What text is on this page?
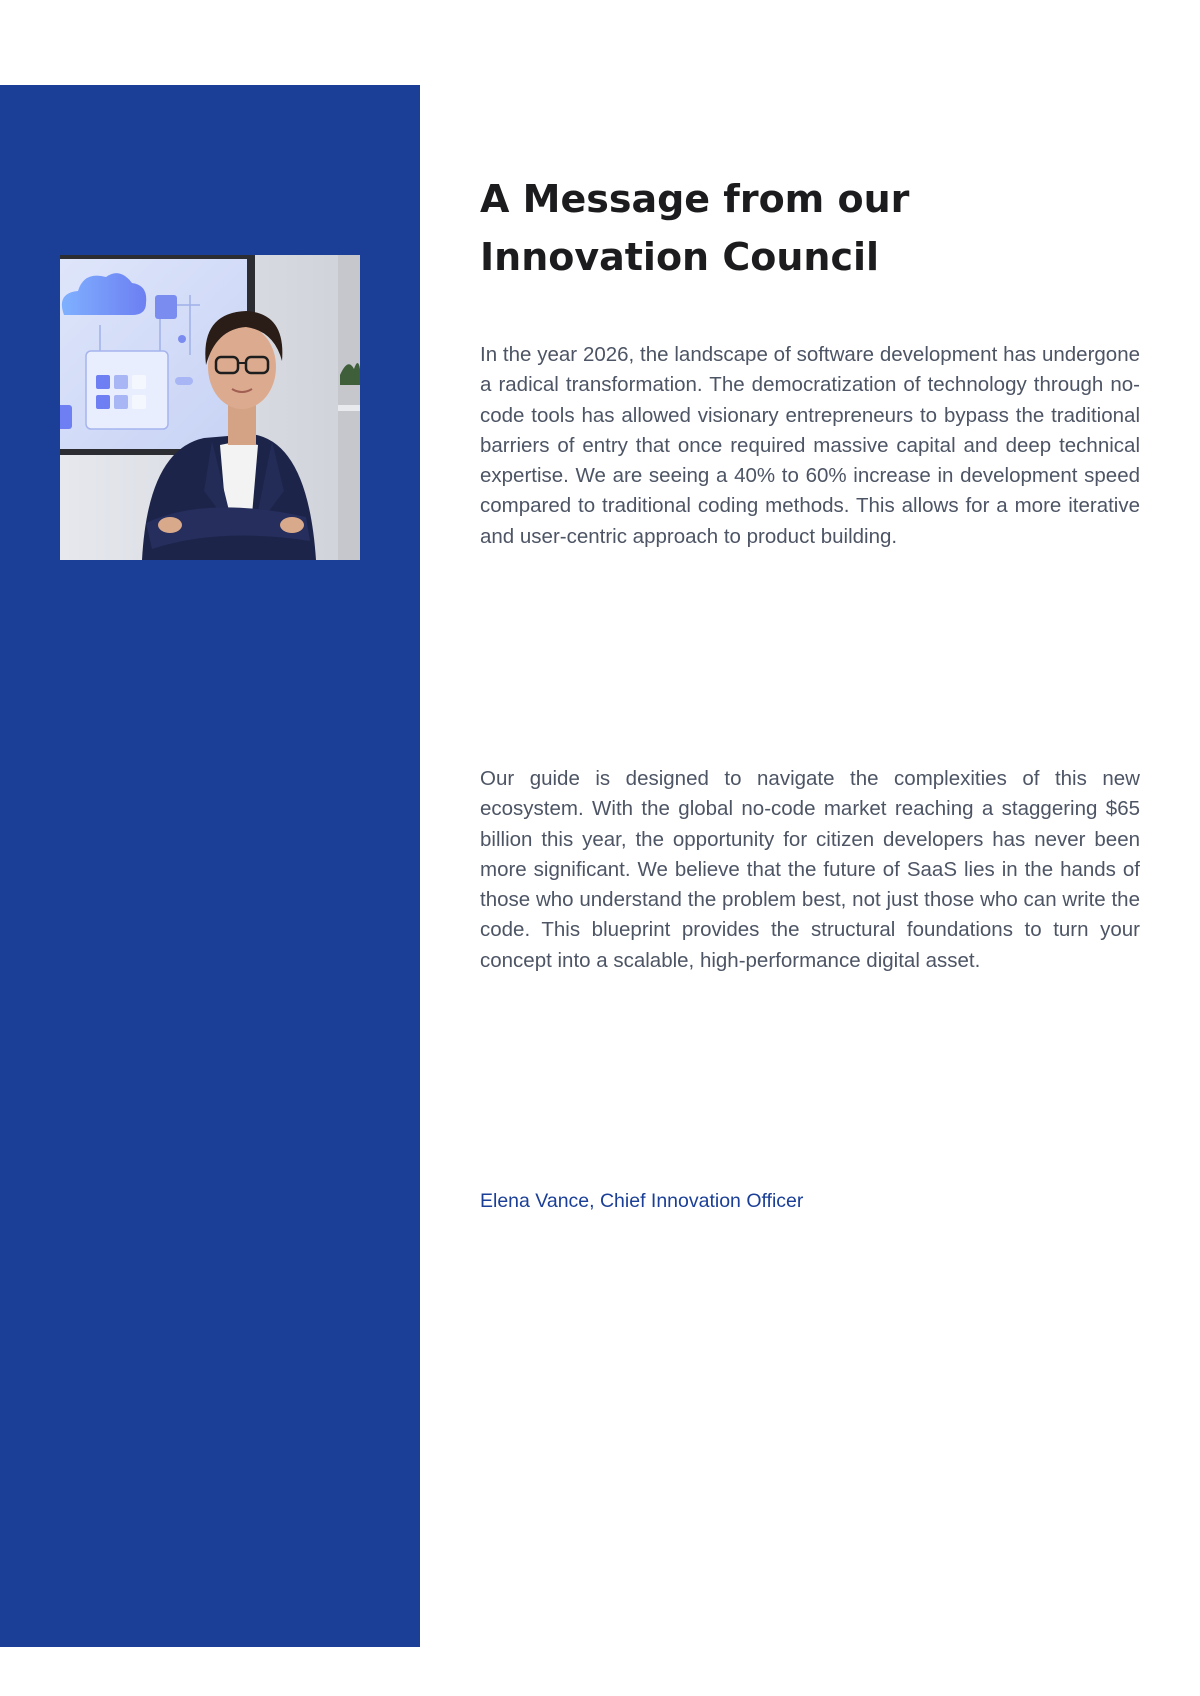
A Message from our Innovation Council

In the year 2026, the landscape of software development has undergone a radical transformation. The democratization of technology through no-code tools has allowed visionary entrepreneurs to bypass the traditional barriers of entry that once required massive capital and deep technical expertise. We are seeing a 40% to 60% increase in development speed compared to traditional coding methods. This allows for a more iterative and user-centric approach to product building.

Our guide is designed to navigate the complexities of this new ecosystem. With the global no-code market reaching a staggering $65 billion this year, the opportunity for citizen developers has never been more significant. We believe that the future of SaaS lies in the hands of those who understand the problem best, not just those who can write the code. This blueprint provides the structural foundations to turn your concept into a scalable, high-performance digital asset.

Elena Vance, Chief Innovation Officer
